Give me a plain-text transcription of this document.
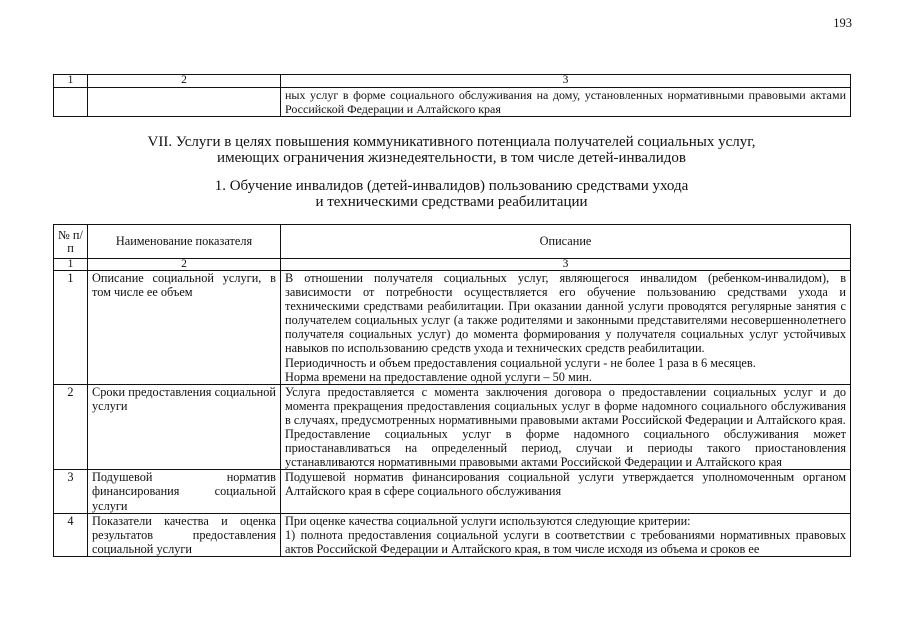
193
1	2	3
		ных услуг в форме социального обслуживания на дому, установленных нормативными правовыми актами Российской Федерации и Алтайского края
VII. Услуги в целях повышения коммуникативного потенциала получателей социальных услуг,
имеющих ограничения жизнедеятельности, в том числе детей-инвалидов
1. Обучение инвалидов (детей-инвалидов) пользованию средствами ухода
и техническими средствами реабилитации
№ п/п	Наименование показателя	Описание
1	2	3
1	Описание социальной услуги, в том числе ее объем	В отношении получателя социальных услуг, являющегося инвалидом (ребенком-инвалидом), в зависимости от потребности осуществляется его обучение пользованию средствами ухода и техническими средствами реабилитации. При оказании данной услуги проводятся регулярные занятия с получателем социальных услуг (а также родителями и законными представителями несовершеннолетнего получателя социальных услуг) до момента формирования у получателя социальных услуг устойчивых навыков по использованию средств ухода и технических средств реабилитации.
Периодичность и объем предоставления социальной услуги - не более 1 раза в 6 месяцев.
Норма времени на предоставление одной услуги – 50 мин.

2	Сроки предоставления социальной услуги	Услуга предоставляется с момента заключения договора о предоставлении социальных услуг и до момента прекращения предоставления социальных услуг в форме надомного социального обслуживания в случаях, предусмотренных нормативными правовыми актами Российской Федерации и Алтайского края.
Предоставление социальных услуг в форме надомного социального обслуживания может приостанавливаться на определенный период, случаи и периоды такого приостановления устанавливаются нормативными правовыми актами Российской Федерации и Алтайского края

3	Подушевой норматив финансирования социальной услуги	Подушевой норматив финансирования социальной услуги утверждается уполномоченным органом Алтайского края в сфере социального обслуживания

4	Показатели качества и оценка результатов предоставления социальной услуги	При оценке качества социальной услуги используются следующие критерии:
1) полнота предоставления социальной услуги в соответствии с требованиями нормативных правовых актов Российской Федерации и Алтайского края, в том числе исходя из объема и сроков ее
